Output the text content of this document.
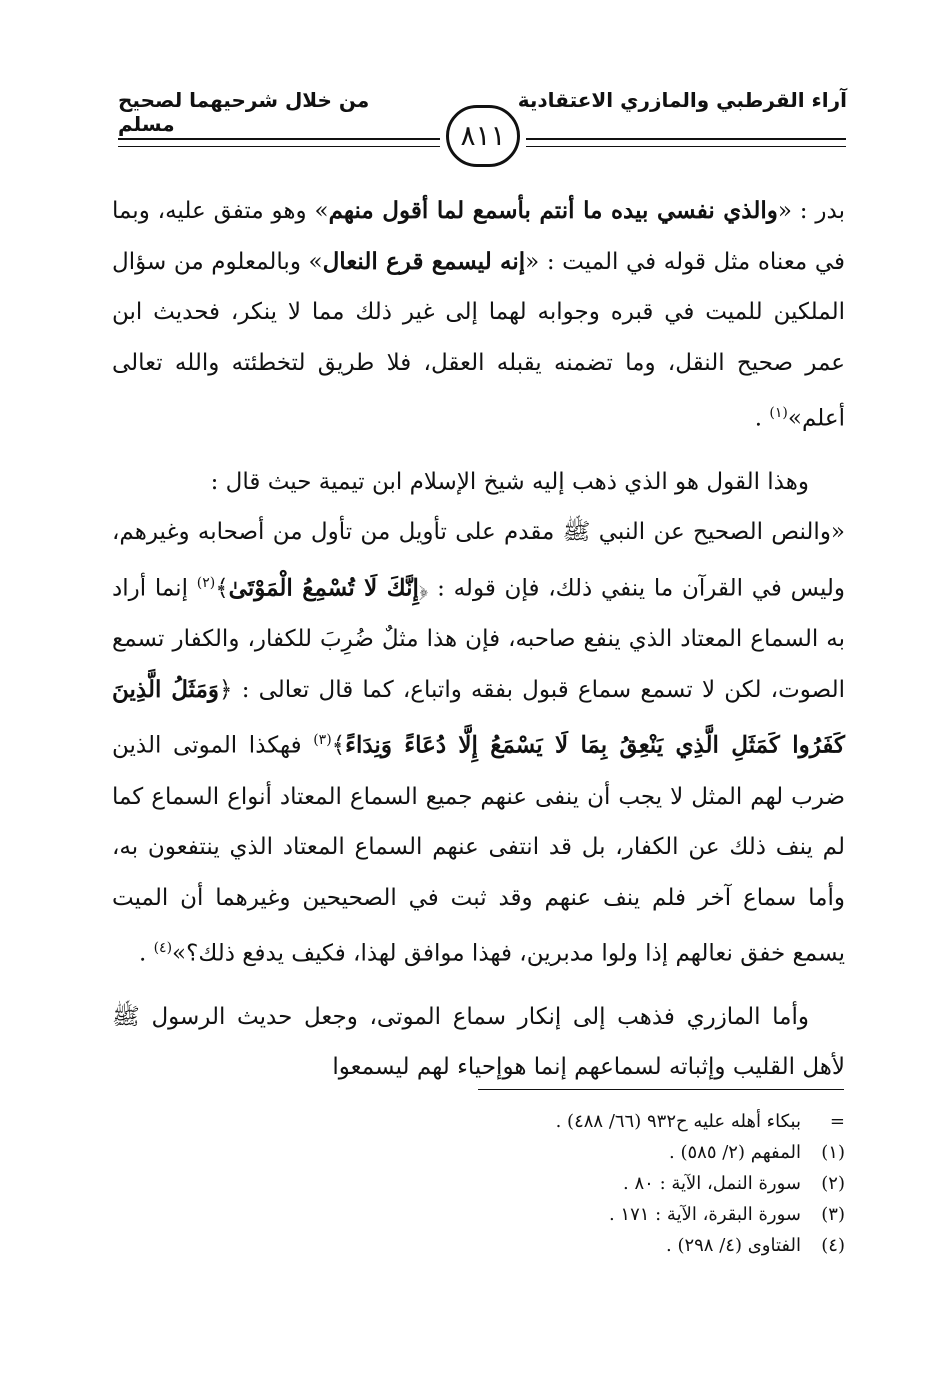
آراء القرطبي والمازري الاعتقادية
من خلال شرحيهما لصحيح مسلم	٨١١

بدر : «والذي نفسي بيده ما أنتم بأسمع لما أقول منهم» وهو متفق عليه، وبما في معناه مثل قوله في الميت : «إنه ليسمع قرع النعال» وبالمعلوم من سؤال الملكين للميت في قبره وجوابه لهما إلى غير ذلك مما لا ينكر، فحديث ابن عمر صحيح النقل، وما تضمنه يقبله العقل، فلا طريق لتخطئته والله تعالى أعلم»$^{(١)}$ .

وهذا القول هو الذي ذهب إليه شيخ الإسلام ابن تيمية حيث قال :

«والنص الصحيح عن النبي ﷺ مقدم على تأويل من تأول من أصحابه وغيرهم، وليس في القرآن ما ينفي ذلك، فإن قوله : ﴿إِنَّكَ لَا تُسْمِعُ الْمَوْتَىٰ﴾$^{(٢)}$ إنما أراد به السماع المعتاد الذي ينفع صاحبه، فإن هذا مثلٌ ضُرِبَ للكفار، والكفار تسمع الصوت، لكن لا تسمع سماع قبول بفقه واتباع، كما قال تعالى : ﴿وَمَثَلُ الَّذِينَ كَفَرُوا كَمَثَلِ الَّذِي يَنْعِقُ بِمَا لَا يَسْمَعُ إِلَّا دُعَاءً وَنِدَاءً﴾$^{(٣)}$ فهكذا الموتى الذين ضرب لهم المثل لا يجب أن ينفى عنهم جميع السماع المعتاد أنواع السماع كما لم ينف ذلك عن الكفار، بل قد انتفى عنهم السماع المعتاد الذي ينتفعون به، وأما سماع آخر فلم ينف عنهم وقد ثبت في الصحيحين وغيرهما أن الميت يسمع خفق نعالهم إذا ولوا مدبرين، فهذا موافق لهذا، فكيف يدفع ذلك؟»$^{(٤)}$ .

وأما المازري فذهب إلى إنكار سماع الموتى، وجعل حديث الرسول ﷺ لأهل القليب وإثباته لسماعهم إنما هوإحياء لهم ليسمعوا

=ببكاء أهله عليه ح٩٣٢ (٦٦/ ٤٨٨) .
(١)المفهم (٢/ ٥٨٥) .
(٢)سورة النمل، الآية : ٨٠ .
(٣)سورة البقرة، الآية : ١٧١ .
(٤)الفتاوى (٤/ ٢٩٨) .
